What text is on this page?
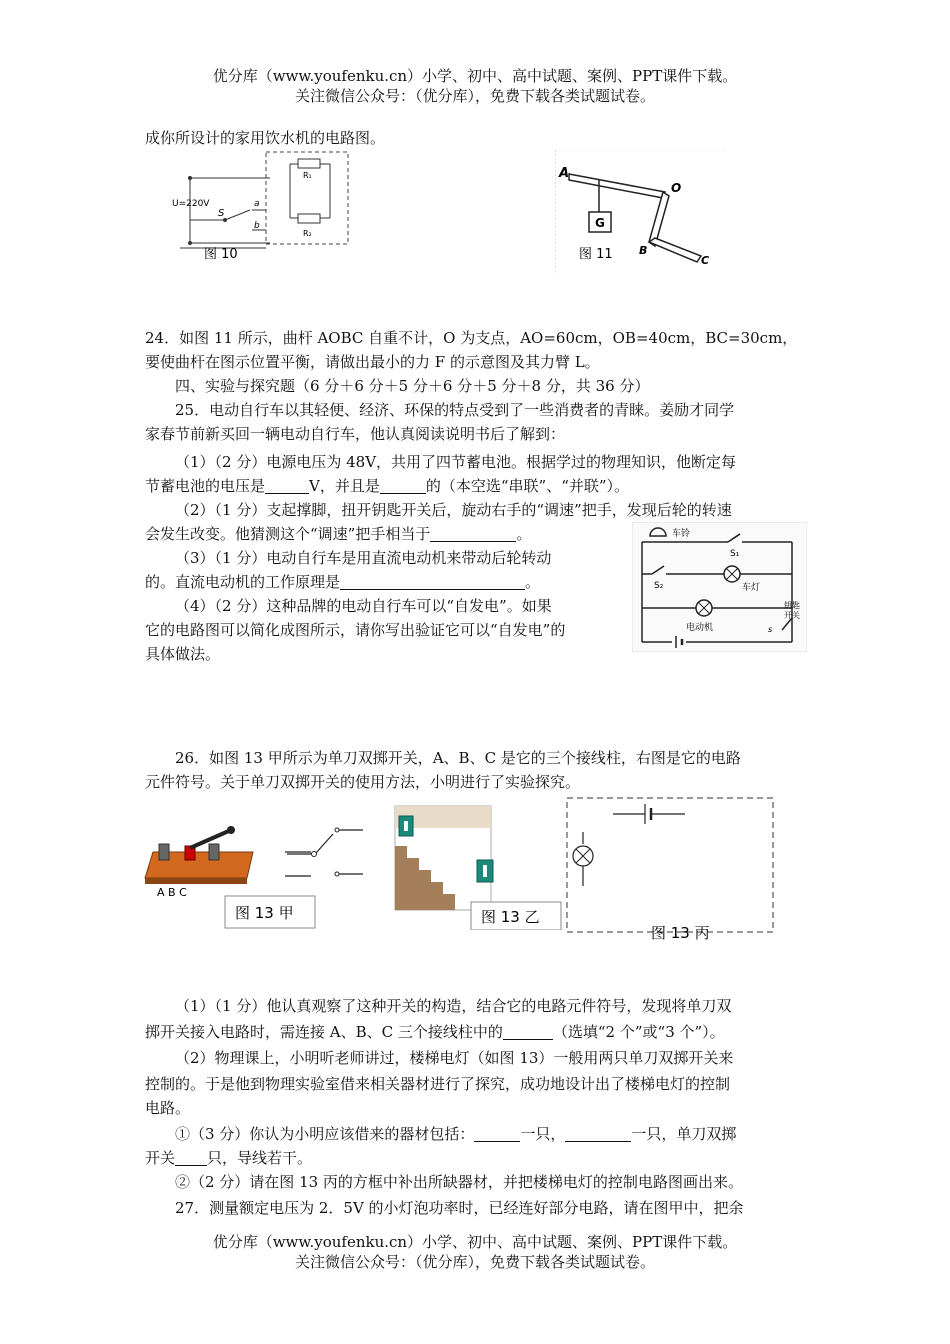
优分库（www.youfenku.cn）小学、初中、高中试题、案例、PPT课件下载。
关注微信公众号：（优分库），免费下载各类试题试卷。
成你所设计的家用饮水机的电路图。
U=220V
S
a
b
R₁
R₂
图 10
G
A
O
B
C
图 11
24．如图 11 所示，曲杆 AOBC 自重不计，O 为支点，AO=60cm，OB=40cm，BC=30cm，
要使曲杆在图示位置平衡，请做出最小的力 F 的示意图及其力臂 L。
四、实验与探究题（6 分＋6 分＋5 分＋6 分＋5 分＋8 分，共 36 分）
25．电动自行车以其轻便、经济、环保的特点受到了一些消费者的青睐。姜励才同学
家春节前新买回一辆电动自行车，他认真阅读说明书后了解到：
（1）（2 分）电源电压为 48V，共用了四节蓄电池。根据学过的物理知识，他断定每
节蓄电池的电压是	V，并且是	的（本空选“串联”、“并联”）。
（2）（1 分）支起撑脚，扭开钥匙开关后，旋动右手的“调速”把手，发现后轮的转速
会发生改变。他猜测这个“调速”把手相当于	。
（3）（1 分）电动自行车是用直流电动机来带动后轮转动
的。直流电动机的工作原理是	。
（4）（2 分）这种品牌的电动自行车可以“自发电”。如果
它的电路图可以简化成图所示，请你写出验证它可以“自发电”的
具体做法。
车铃
S₁
S₂	车灯
电动机
钥匙
开关
s
26．如图 13 甲所示为单刀双掷开关，A、B、C 是它的三个接线柱，右图是它的电路
元件符号。关于单刀双掷开关的使用方法，小明进行了实验探究。
A B C
图 13 甲	图 13 乙
图 13 丙
（1）（1 分）他认真观察了这种开关的构造，结合它的电路元件符号，发现将单刀双
掷开关接入电路时，需连接 A、B、C 三个接线柱中的	（选填“2 个”或“3 个”）。
（2）物理课上，小明听老师讲过，楼梯电灯（如图 13）一般用两只单刀双掷开关来
控制的。于是他到物理实验室借来相关器材进行了探究，成功地设计出了楼梯电灯的控制
电路。
①（3 分）你认为小明应该借来的器材包括：	一只，	一只，单刀双掷
开关 只，导线若干。
②（2 分）请在图 13 丙的方框中补出所缺器材，并把楼梯电灯的控制电路图画出来。
27．测量额定电压为 2．5V 的小灯泡功率时，已经连好部分电路，请在图甲中，把余
优分库（www.youfenku.cn）小学、初中、高中试题、案例、PPT课件下载。
关注微信公众号：（优分库），免费下载各类试题试卷。
